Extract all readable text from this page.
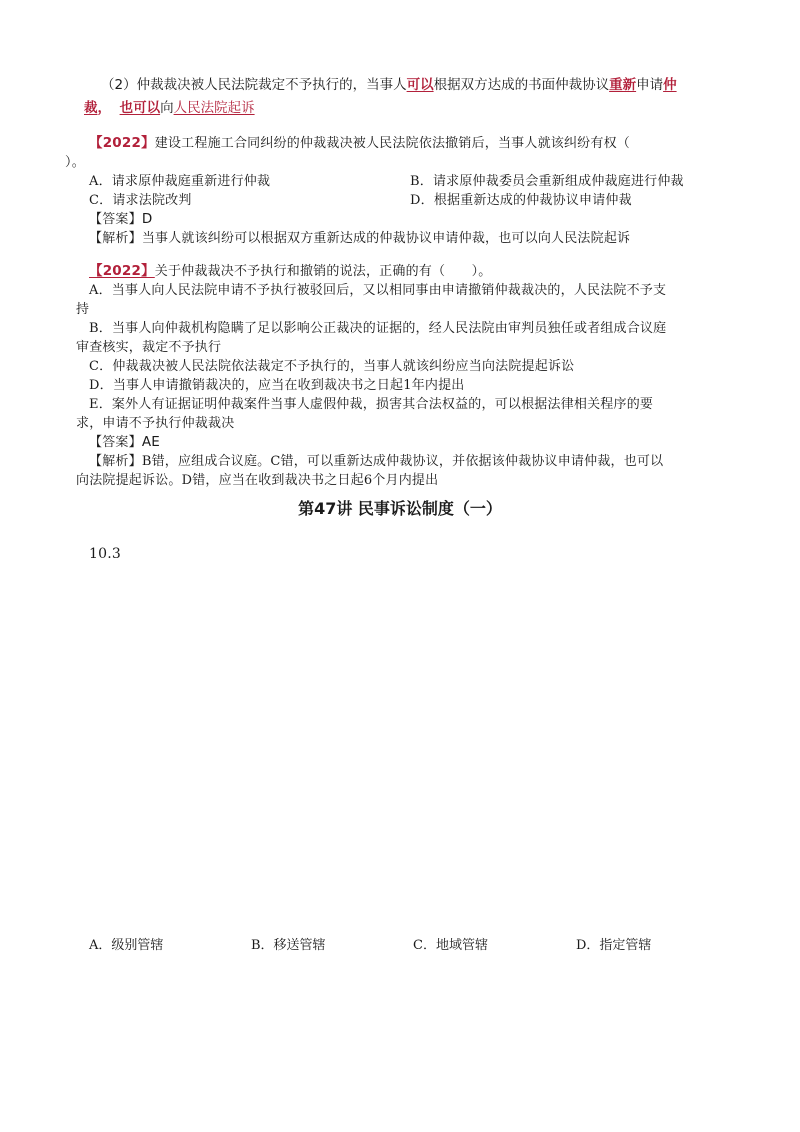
（2）仲裁裁决被人民法院裁定不予执行的，当事人可以根据双方达成的书面仲裁协议重新申请仲
裁， 也可以向人民法院起诉
【2022】建设工程施工合同纠纷的仲裁裁决被人民法院依法撤销后，当事人就该纠纷有权（
）。
A．请求原仲裁庭重新进行仲裁	B．请求原仲裁委员会重新组成仲裁庭进行仲裁
C．请求法院改判	D．根据重新达成的仲裁协议申请仲裁
【答案】D
【解析】当事人就该纠纷可以根据双方重新达成的仲裁协议申请仲裁，也可以向人民法院起诉
【2022】关于仲裁裁决不予执行和撤销的说法，正确的有（　　）。
A．当事人向人民法院申请不予执行被驳回后，又以相同事由申请撤销仲裁裁决的，人民法院不予支
持
B．当事人向仲裁机构隐瞒了足以影响公正裁决的证据的，经人民法院由审判员独任或者组成合议庭
审查核实，裁定不予执行
C．仲裁裁决被人民法院依法裁定不予执行的，当事人就该纠纷应当向法院提起诉讼
D．当事人申请撤销裁决的，应当在收到裁决书之日起1年内提出
E．案外人有证据证明仲裁案件当事人虚假仲裁，损害其合法权益的，可以根据法律相关程序的要
求，申请不予执行仲裁裁决
【答案】AE
【解析】B错，应组成合议庭。C错，可以重新达成仲裁协议，并依据该仲裁协议申请仲裁，也可以
向法院提起诉讼。D错，应当在收到裁决书之日起6个月内提出
第47讲 民事诉讼制度（一）
10.3
A．级别管辖	B．移送管辖	C．地域管辖	D．指定管辖
